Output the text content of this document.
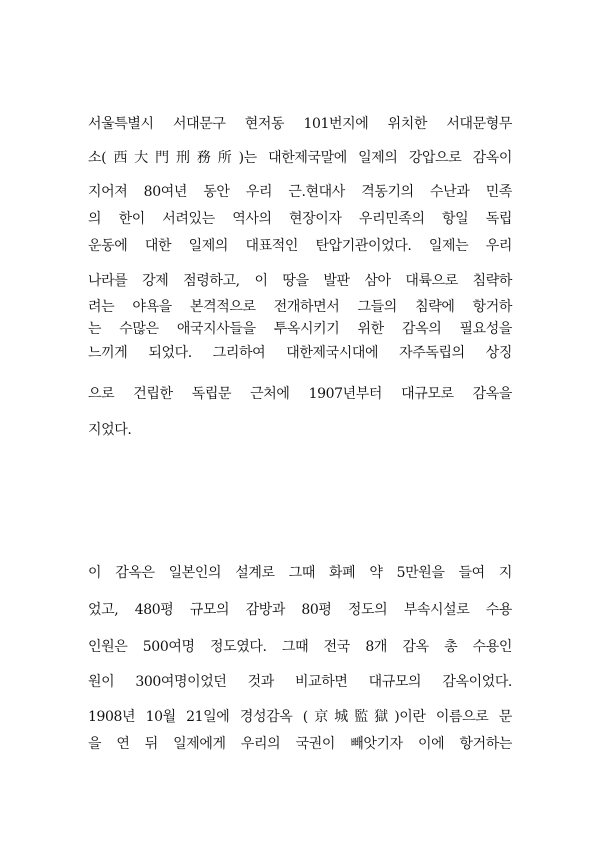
서울특별시 서대문구 현저동 101번지에 위치한 서대문형무
소(西大門刑務所)는 대한제국말에 일제의 강압으로 감옥이
지어져 80여년 동안 우리 근.현대사 격동기의 수난과 민족
의 한이 서려있는 역사의 현장이자 우리민족의 항일 독립
운동에 대한 일제의 대표적인 탄압기관이었다. 일제는 우리
나라를 강제 점령하고, 이 땅을 발판 삼아 대륙으로 침략하
려는 야욕을 본격적으로 전개하면서 그들의 침략에 항거하
는 수많은 애국지사들을 투옥시키기 위한 감옥의 필요성을
느끼게 되었다. 그리하여 대한제국시대에 자주독립의 상징
으로 건립한 독립문 근처에 1907년부터 대규모로 감옥을
지었다.
이 감옥은 일본인의 설계로 그때 화폐 약 5만원을 들여 지
었고, 480평 규모의 감방과 80평 정도의 부속시설로 수용
인원은 500여명 정도였다. 그때 전국 8개 감옥 총 수용인
원이 300여명이었던 것과 비교하면 대규모의 감옥이었다.
1908년 10월 21일에 경성감옥 (京城監獄)이란 이름으로 문
을 연 뒤 일제에게 우리의 국권이 빼앗기자 이에 항거하는
